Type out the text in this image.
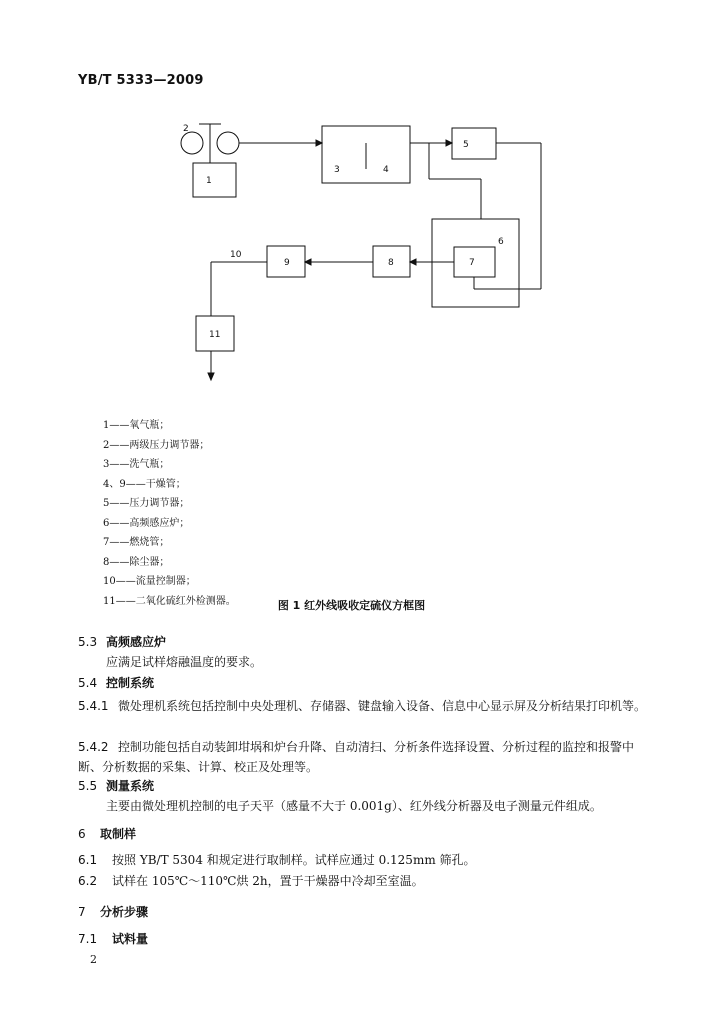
YB/T 5333—2009
2
1
3	4
5
6
7
8
9
10
11
1——氧气瓶；
2——两级压力调节器；
3——洗气瓶；
4、9——干燥管；
5——压力调节器；
6——高频感应炉；
7——燃烧管；
8——除尘器；
10——流量控制器；
11——二氧化硫红外检测器。	图 1 红外线吸收定硫仪方框图
5.3 高频感应炉
应满足试样熔融温度的要求。
5.4 控制系统
5.4.1 微处理机系统包括控制中央处理机、存储器、键盘输入设备、信息中心显示屏及分析结果打印机等。
5.4.2 控制功能包括自动装卸坩埚和炉台升降、自动清扫、分析条件选择设置、分析过程的监控和报警中断、分析数据的采集、计算、校正及处理等。
5.5 测量系统
主要由微处理机控制的电子天平（感量不大于 0.001g）、红外线分析器及电子测量元件组成。
6 取制样
6.1 按照 YB/T 5304 和规定进行取制样。试样应通过 0.125mm 筛孔。
6.2 试样在 105℃～110℃烘 2h，置于干燥器中冷却至室温。
7 分析步骤
7.1 试料量
2
